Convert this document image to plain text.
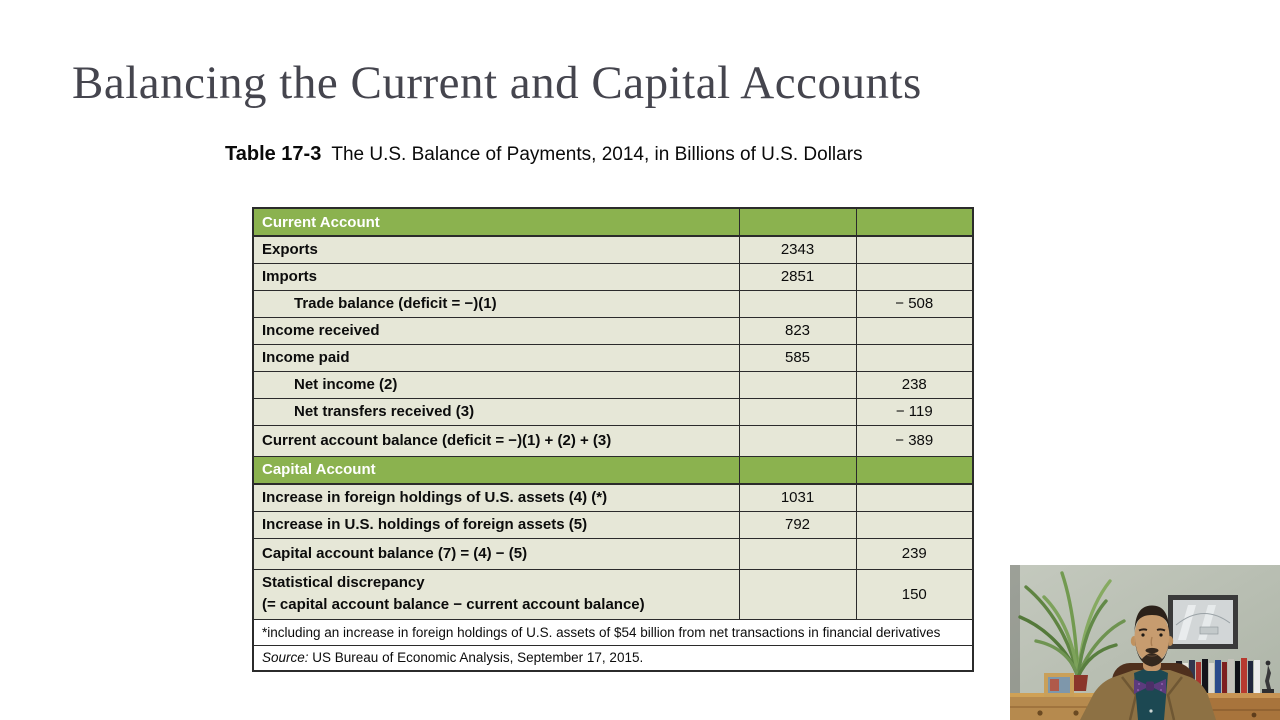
Balancing the Current and Capital Accounts
Table 17-3 The U.S. Balance of Payments, 2014, in Billions of U.S. Dollars
Current Account		
Exports	2343	
Imports	2851	
Trade balance (deficit = −)(1)		− 508
Income received	823	
Income paid	585	
Net income (2)		238
Net transfers received (3)		− 119
Current account balance (deficit = −)(1) + (2) + (3)		− 389
Capital Account		
Increase in foreign holdings of U.S. assets (4) (*)	1031	
Increase in U.S. holdings of foreign assets (5)	792	
Capital account balance (7) = (4) − (5)		239

Statistical discrepancy
(= capital account balance − current account balance)		150
*including an increase in foreign holdings of U.S. assets of $54 billion from net transactions in financial derivatives		
Source: US Bureau of Economic Analysis, September 17, 2015.		
